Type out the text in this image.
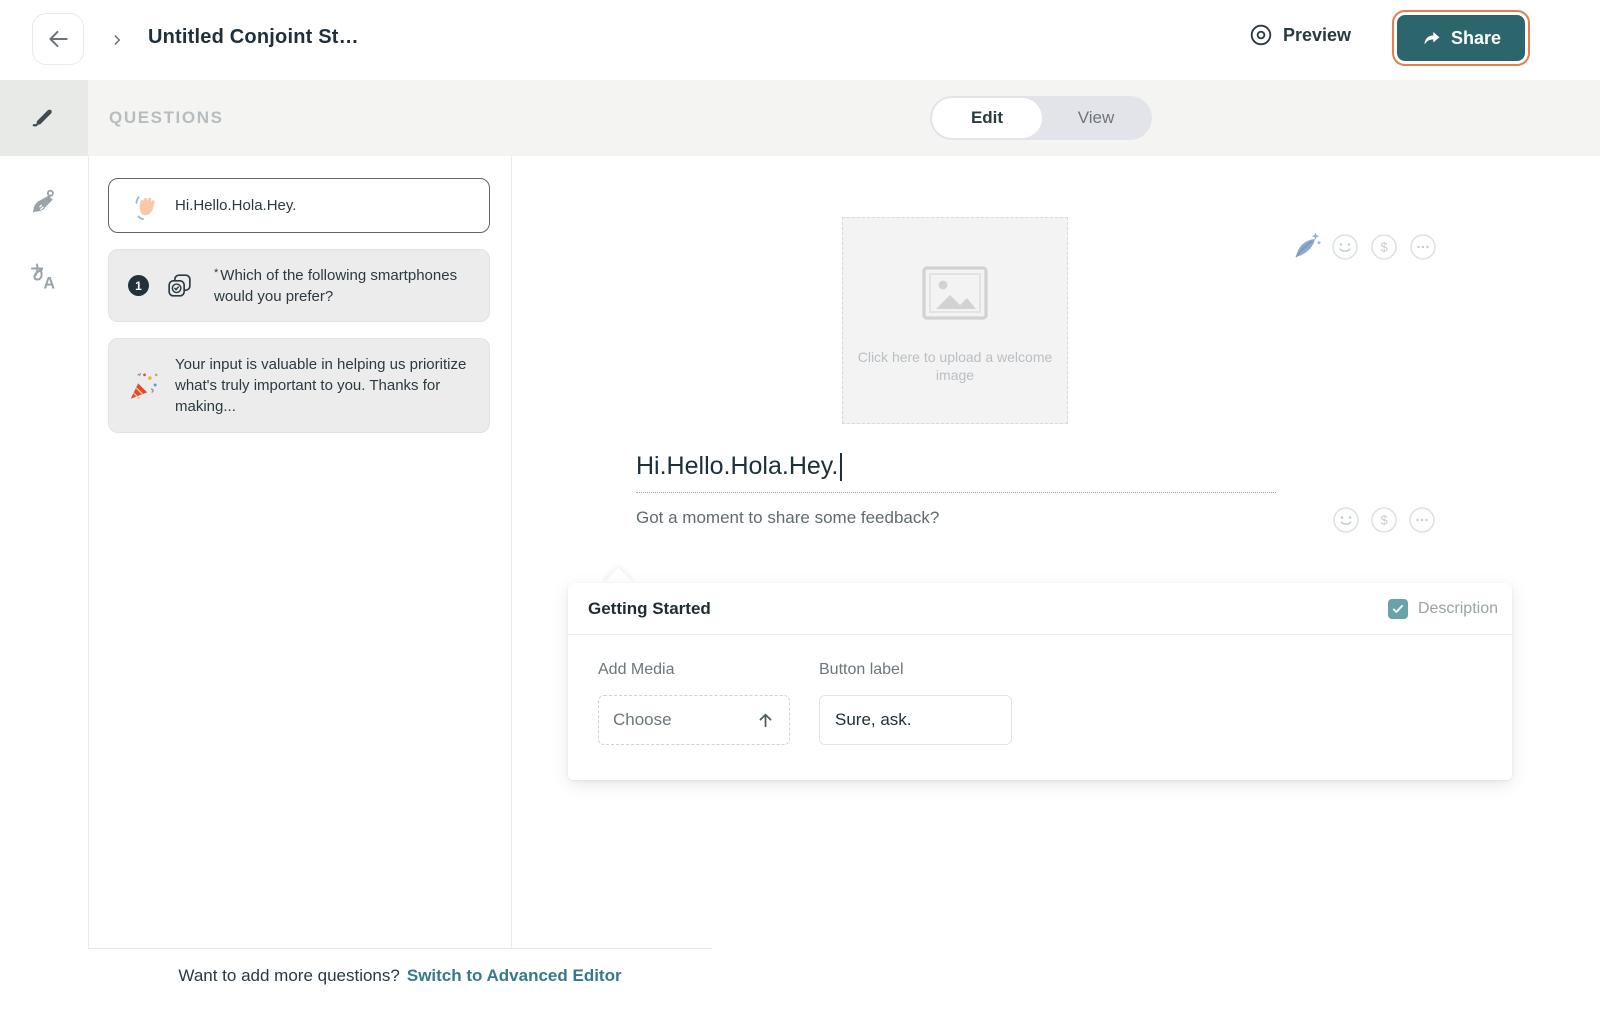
Untitled Conjoint St…	Preview	Share
A
QUESTIONS
Hi.Hello.Hola.Hey.
1
* Which of the following smartphones would you prefer?
Your input is valuable in helping us prioritize what's truly important to you. Thanks for making...
Want to add more questions? Switch to Advanced Editor
Edit	View
Click here to upload a welcome image
$
Hi.Hello.Hola.Hey.
Got a moment to share some feedback?	$
Getting Started	Description
Add Media	Button label
Choose
Sure, ask.
